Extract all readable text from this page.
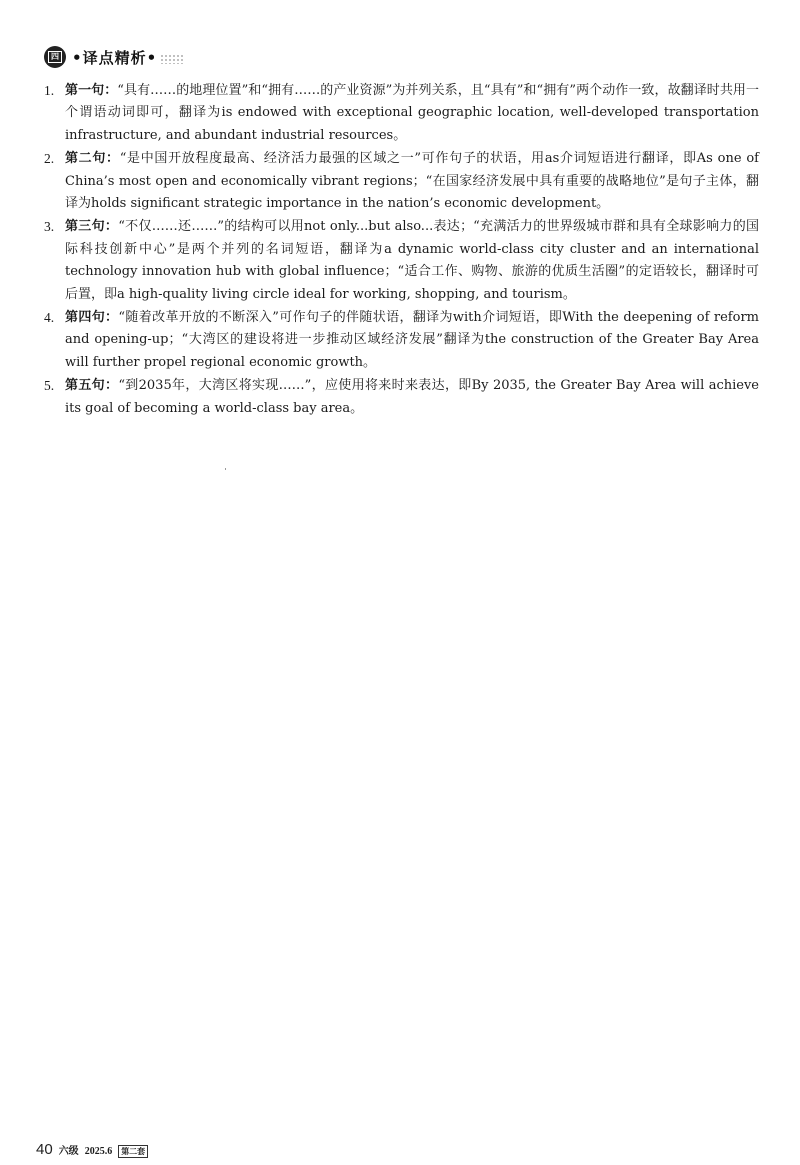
四 •译点精析•
1. 第一句：“具有……的地理位置”和“拥有……的产业资源”为并列关系，且“具有”和“拥有”两个动作一致，故翻译时共用一个谓语动词即可，翻译为is endowed with exceptional geographic location, well-developed transportation infrastructure, and abundant industrial resources。
2. 第二句：“是中国开放程度最高、经济活力最强的区域之一”可作句子的状语，用as介词短语进行翻译，即As one of China’s most open and economically vibrant regions；“在国家经济发展中具有重要的战略地位”是句子主体，翻译为holds significant strategic importance in the nation’s economic development。
3. 第三句：“不仅……还……”的结构可以用not only...but also...表达；“充满活力的世界级城市群和具有全球影响力的国际科技创新中心”是两个并列的名词短语，翻译为a dynamic world-class city cluster and an international technology innovation hub with global influence；“适合工作、购物、旅游的优质生活圈”的定语较长，翻译时可后置，即a high-quality living circle ideal for working, shopping, and tourism。
4. 第四句：“随着改革开放的不断深入”可作句子的伴随状语，翻译为with介词短语，即With the deepening of reform and opening-up；“大湾区的建设将进一步推动区域经济发展”翻译为the construction of the Greater Bay Area will further propel regional economic growth。
5. 第五句：“到2035年，大湾区将实现……”，应使用将来时来表达，即By 2035, the Greater Bay Area will achieve its goal of becoming a world-class bay area。
40 六级 2025.6	第二套
